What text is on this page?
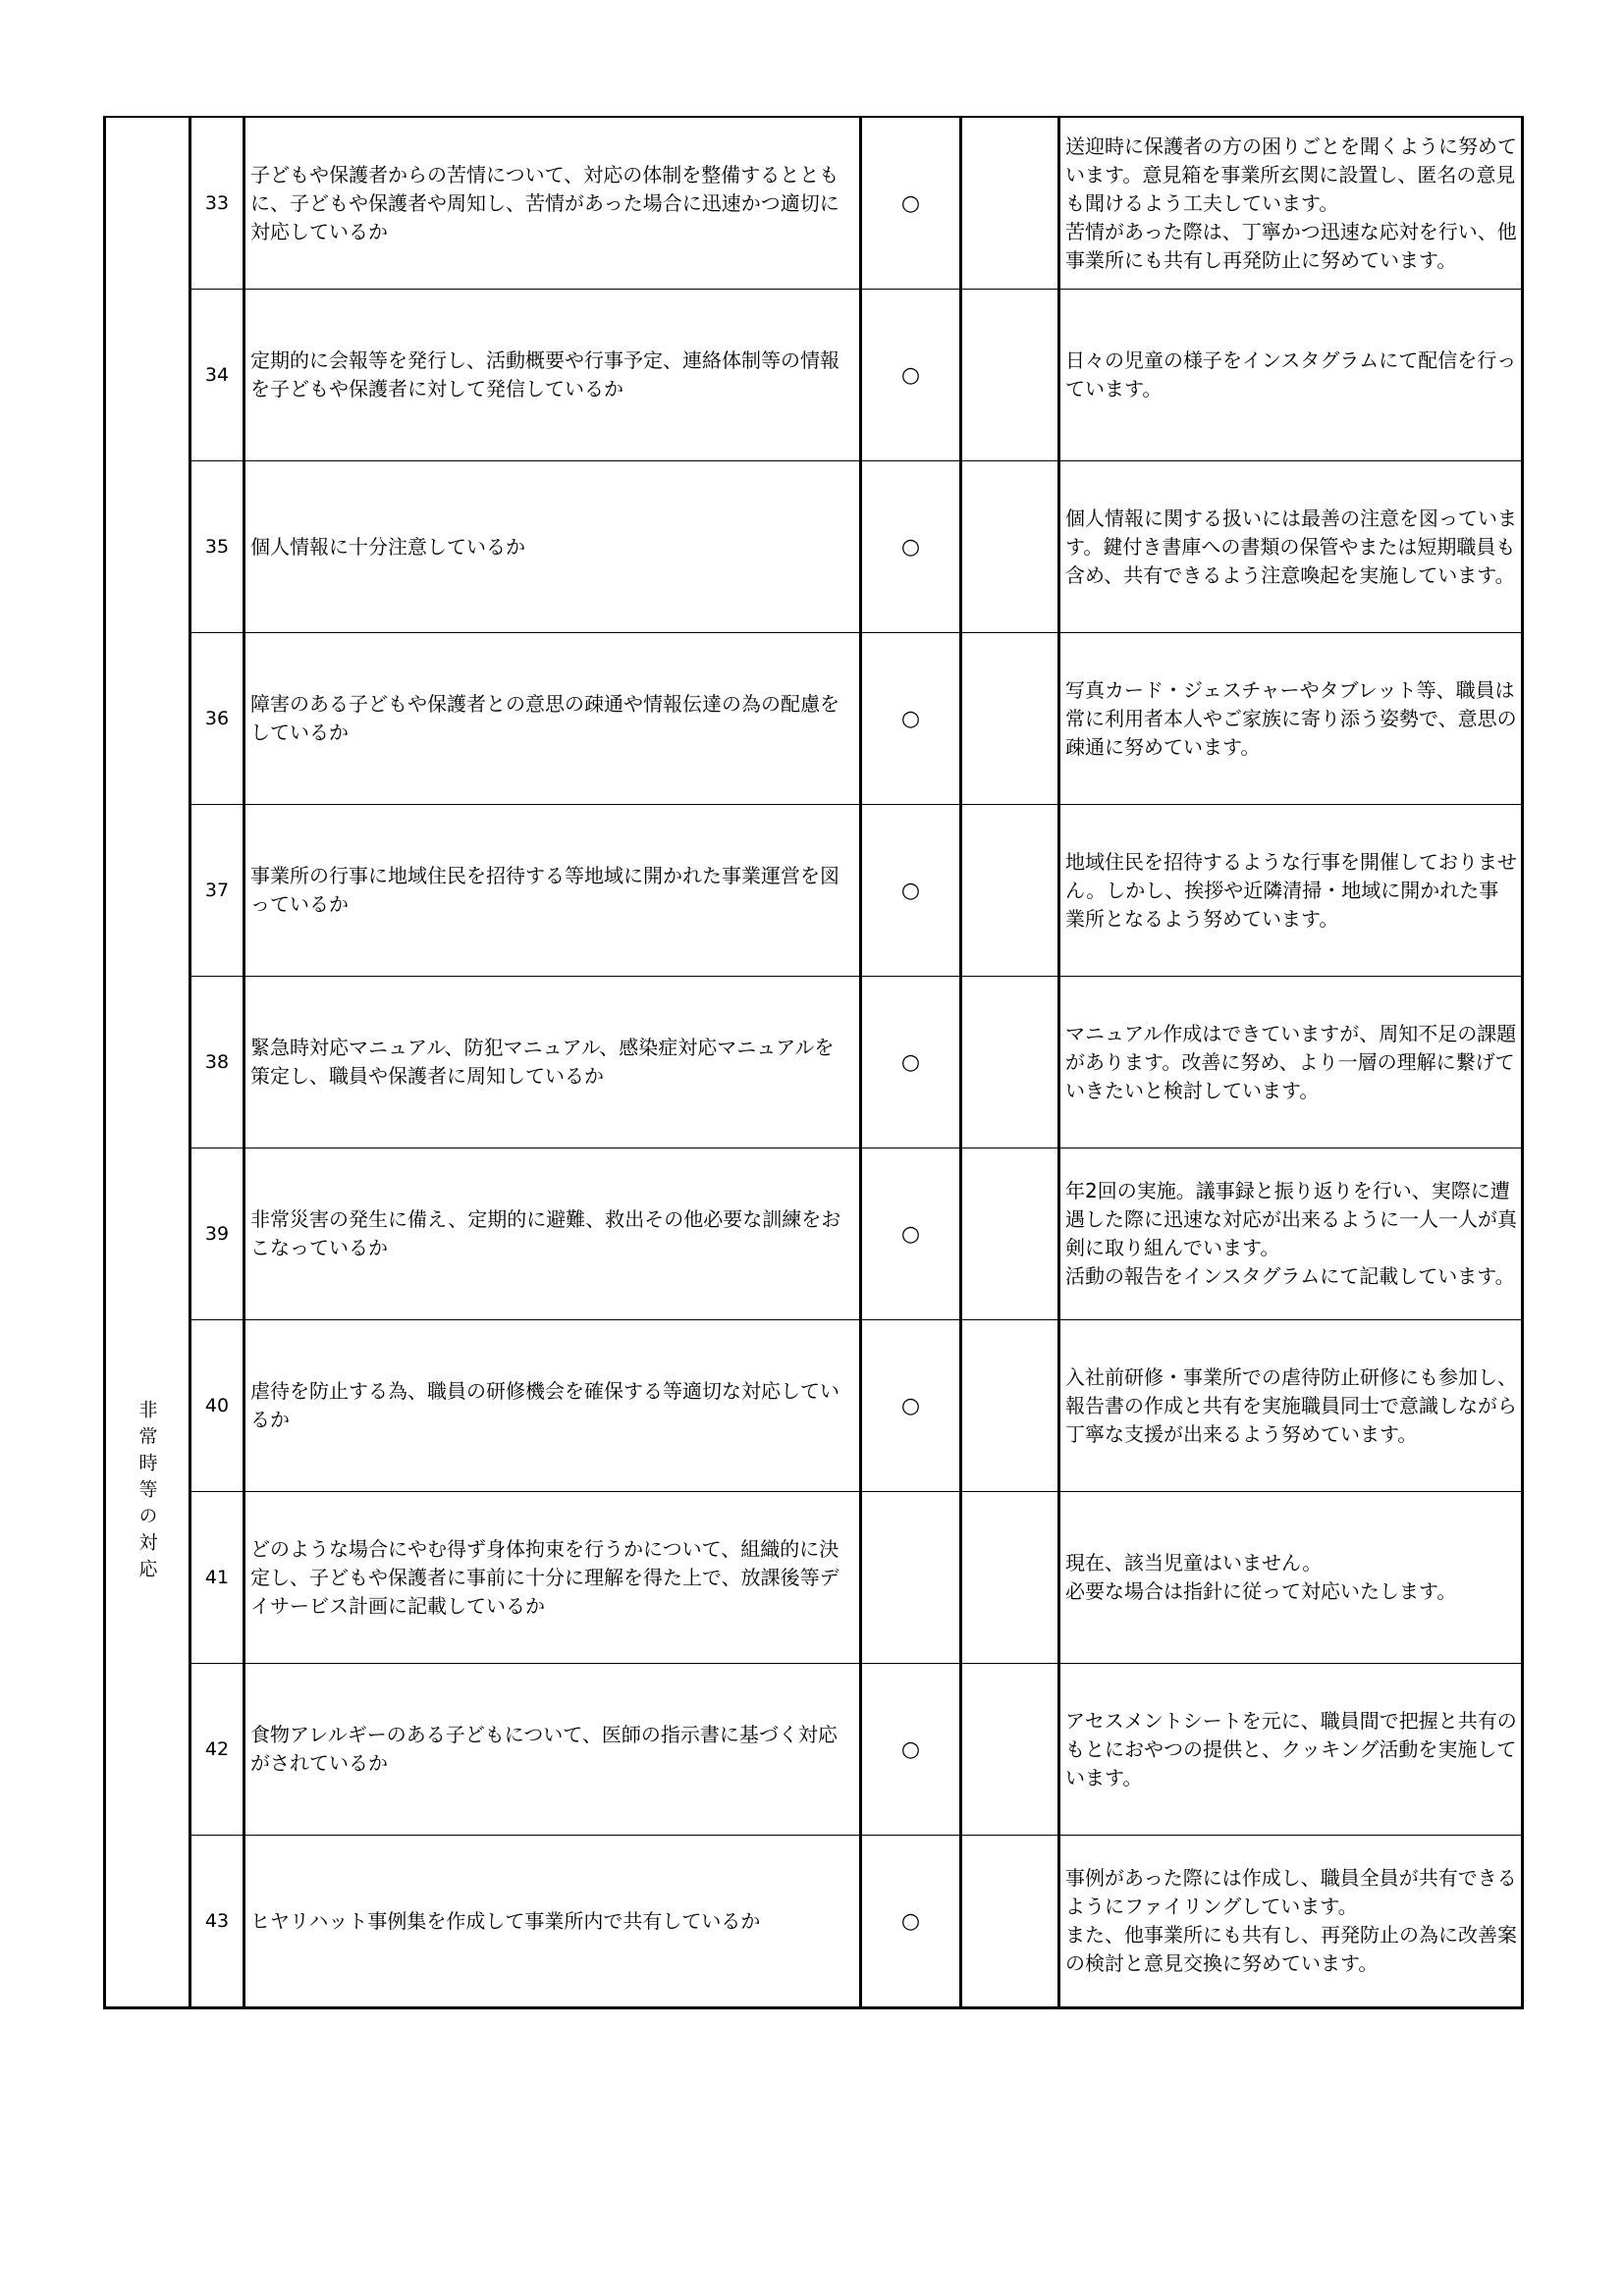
非常時等の対応	33	子どもや保護者からの苦情について、対応の体制を整備するとともに、子どもや保護者や周知し、苦情があった場合に迅速かつ適切に対応しているか	○		送迎時に保護者の方の困りごとを聞くように努めています。意見箱を事業所玄関に設置し、匿名の意見も聞けるよう工夫しています。
苦情があった際は、丁寧かつ迅速な応対を行い、他事業所にも共有し再発防止に努めています。
	34	定期的に会報等を発行し、活動概要や行事予定、連絡体制等の情報を子どもや保護者に対して発信しているか	○		日々の児童の様子をインスタグラムにて配信を行っています。
	35	個人情報に十分注意しているか	○		個人情報に関する扱いには最善の注意を図っています。鍵付き書庫への書類の保管やまたは短期職員も含め、共有できるよう注意喚起を実施しています。
	36	障害のある子どもや保護者との意思の疎通や情報伝達の為の配慮をしているか	○		写真カード・ジェスチャーやタブレット等、職員は常に利用者本人やご家族に寄り添う姿勢で、意思の疎通に努めています。
	37	事業所の行事に地域住民を招待する等地域に開かれた事業運営を図っているか	○		地域住民を招待するような行事を開催しておりません。しかし、挨拶や近隣清掃・地域に開かれた事業所となるよう努めています。
	38	緊急時対応マニュアル、防犯マニュアル、感染症対応マニュアルを策定し、職員や保護者に周知しているか	○		マニュアル作成はできていますが、周知不足の課題があります。改善に努め、より一層の理解に繋げていきたいと検討しています。
	39	非常災害の発生に備え、定期的に避難、救出その他必要な訓練をおこなっているか	○		年2回の実施。議事録と振り返りを行い、実際に遭遇した際に迅速な対応が出来るように一人一人が真剣に取り組んでいます。
活動の報告をインスタグラムにて記載しています。
	40	虐待を防止する為、職員の研修機会を確保する等適切な対応しているか	○		入社前研修・事業所での虐待防止研修にも参加し、報告書の作成と共有を実施職員同士で意識しながら丁寧な支援が出来るよう努めています。
	41	どのような場合にやむ得ず身体拘束を行うかについて、組織的に決定し、子どもや保護者に事前に十分に理解を得た上で、放課後等デイサービス計画に記載しているか			現在、該当児童はいません。
必要な場合は指針に従って対応いたします。
	42	食物アレルギーのある子どもについて、医師の指示書に基づく対応がされているか	○		アセスメントシートを元に、職員間で把握と共有のもとにおやつの提供と、クッキング活動を実施しています。
	43	ヒヤリハット事例集を作成して事業所内で共有しているか	○		事例があった際には作成し、職員全員が共有できるようにファイリングしています。
また、他事業所にも共有し、再発防止の為に改善案の検討と意見交換に努めています。
